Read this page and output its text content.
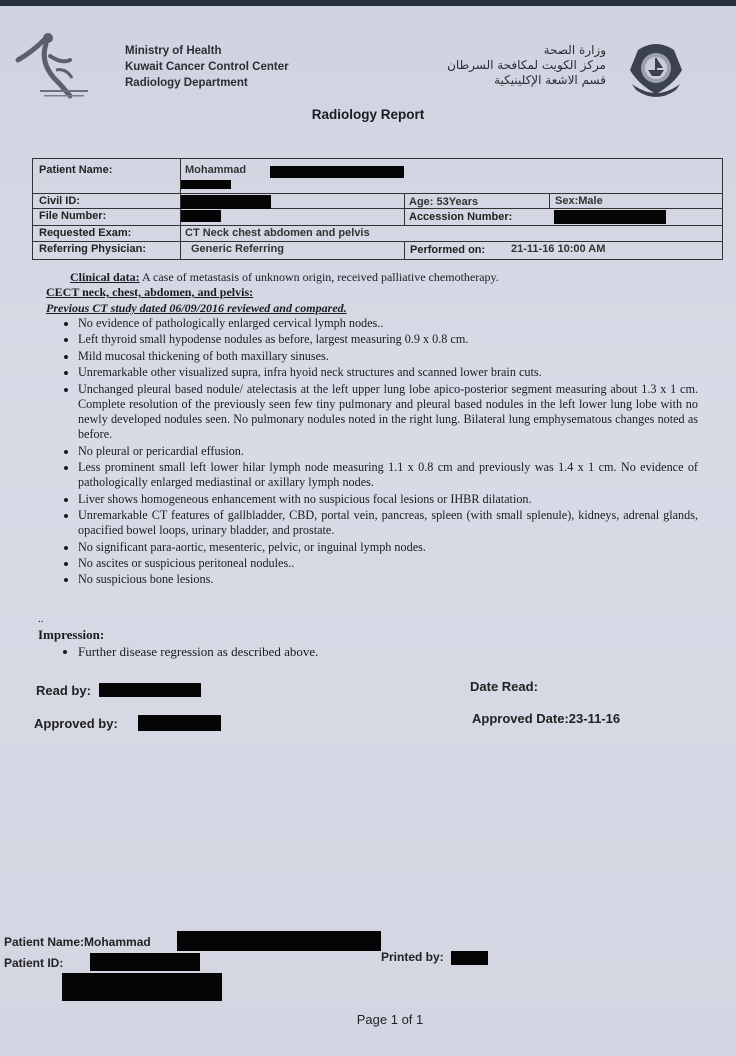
Ministry of Health
Kuwait Cancer Control Center
Radiology Department
وزارة الصحة
مركز الكويت لمكافحة السرطان
قسم الاشعة الإكلينيكية
Radiology Report
Patient Name:	Mohammad
Civil ID:	Age: 53Years	Sex:Male
File Number:	Accession Number:
Requested Exam:	CT Neck chest abdomen and pelvis
Referring Physician:	Generic Referring	Performed on: 21-11-16 10:00 AM
Clinical data: A case of metastasis of unknown origin, received palliative chemotherapy.
CECT neck, chest, abdomen, and pelvis:
Previous CT study dated 06/09/2016 reviewed and compared.
• No evidence of pathologically enlarged cervical lymph nodes..
• Left thyroid small hypodense nodules as before, largest measuring 0.9 x 0.8 cm.
• Mild mucosal thickening of both maxillary sinuses.
• Unremarkable other visualized supra, infra hyoid neck structures and scanned lower brain cuts.
• Unchanged pleural based nodule/ atelectasis at the left upper lung lobe apico-posterior segment measuring about 1.3 x 1 cm. Complete resolution of the previously seen few tiny pulmonary and pleural based nodules in the left lower lung lobe with no newly developed nodules seen. No pulmonary nodules noted in the right lung. Bilateral lung emphysematous changes noted as before.
• No pleural or pericardial effusion.
• Less prominent small left lower hilar lymph node measuring 1.1 x 0.8 cm and previously was 1.4 x 1 cm. No evidence of pathologically enlarged mediastinal or axillary lymph nodes.
• Liver shows homogeneous enhancement with no suspicious focal lesions or IHBR dilatation.
• Unremarkable CT features of gallbladder, CBD, portal vein, pancreas, spleen (with small splenule), kidneys, adrenal glands, opacified bowel loops, urinary bladder, and prostate.
• No significant para-aortic, mesenteric, pelvic, or inguinal lymph nodes.
• No ascites or suspicious peritoneal nodules..
• No suspicious bone lesions.
..
Impression:
• Further disease regression as described above.
Read by:	Date Read:
Approved by:	Approved Date:23-11-16
Patient Name:Mohammad
Patient ID:	Printed by:
Page 1 of 1
